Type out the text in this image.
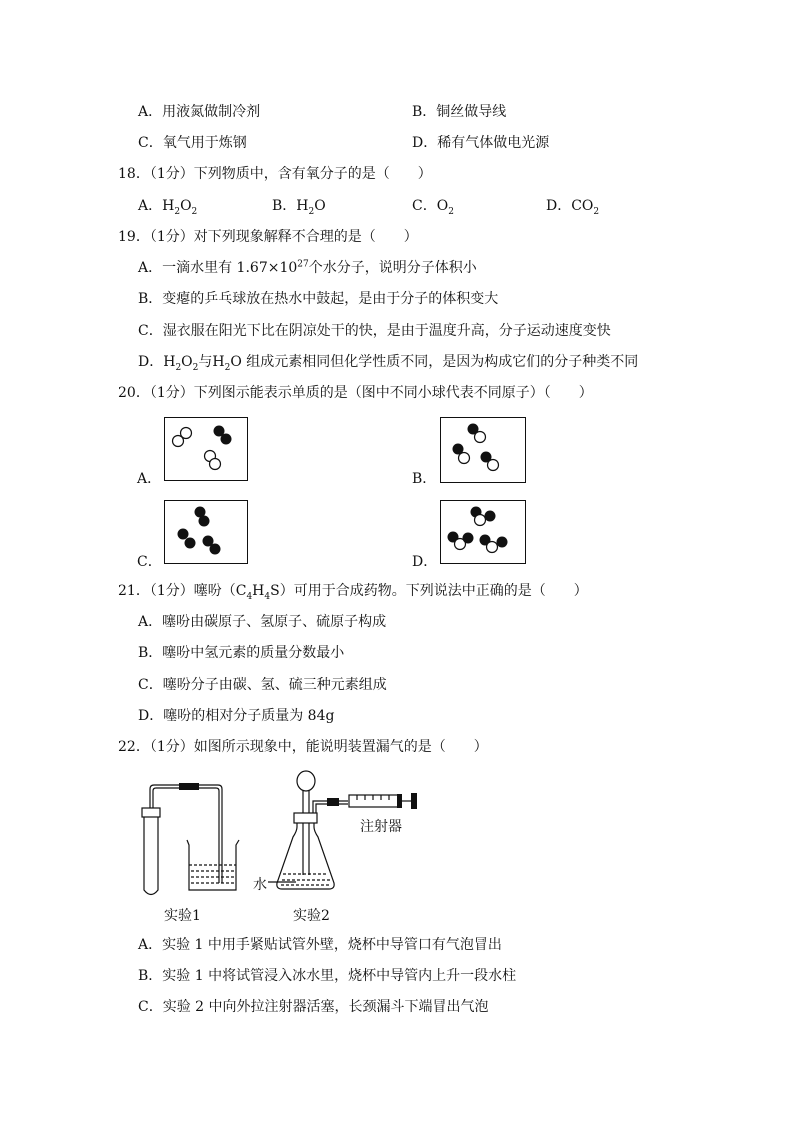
A．用液氮做制冷剂	B．铜丝做导线
C．氧气用于炼钢	D．稀有气体做电光源
18．（1分）下列物质中，含有氧分子的是（　　）
A．$H_2O_2$	B．$H_2O$	C．$O_2$	D．$CO_2$
19．（1分）对下列现象解释不合理的是（　　）
A．一滴水里有 $1.67\times 10^{27}$个水分子，说明分子体积小
B．变瘪的乒乓球放在热水中鼓起，是由于分子的体积变大
C．湿衣服在阳光下比在阴凉处干的快，是由于温度升高，分子运动速度变快
D．$H_2O_2$与$H_2O$ 组成元素相同但化学性质不同，是因为构成它们的分子种类不同
20．（1分）下列图示能表示单质的是（图中不同小球代表不同原子）（　　）
A．	B．
C．	D．
21．（1分）噻吩$(C_4H_4S)$可用于合成药物。下列说法中正确的是（　　）
A．噻吩由碳原子、氢原子、硫原子构成
B．噻吩中氢元素的质量分数最小
C．噻吩分子由碳、氢、硫三种元素组成
D．噻吩的相对分子质量为 84g
22．（1分）如图所示现象中，能说明装置漏气的是（　　）
注射器
水
实验1	实验2
A．实验 1 中用手紧贴试管外壁，烧杯中导管口有气泡冒出
B．实验 1 中将试管浸入冰水里，烧杯中导管内上升一段水柱
C．实验 2 中向外拉注射器活塞，长颈漏斗下端冒出气泡
